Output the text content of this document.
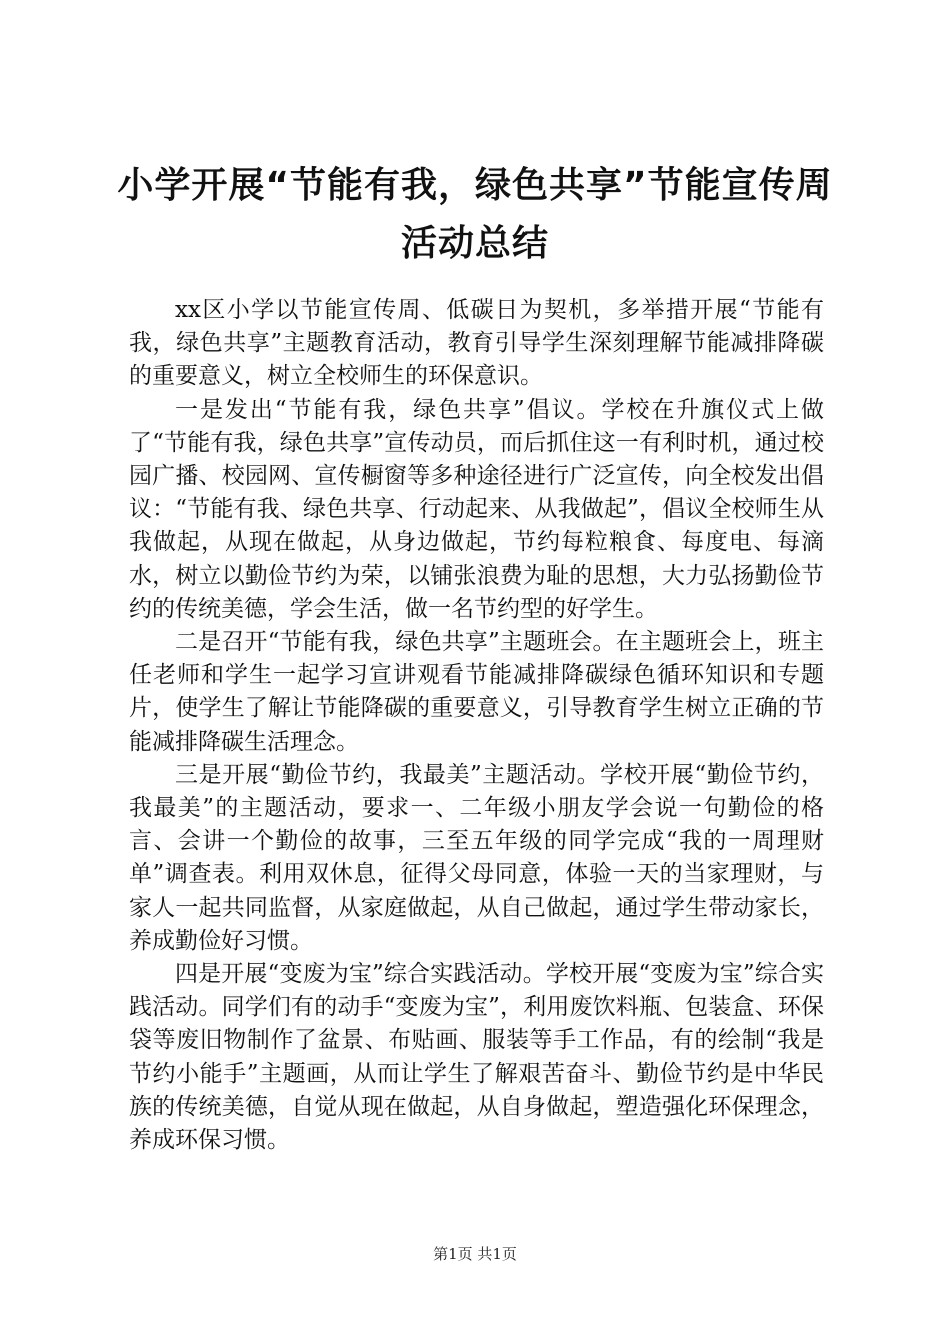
小学开展“节能有我，绿色共享”节能宣传周
活动总结

xx区小学以节能宣传周、低碳日为契机，多举措开展“节能有我，绿色共享”主题教育活动，教育引导学生深刻理解节能减排降碳的重要意义，树立全校师生的环保意识。

一是发出“节能有我，绿色共享”倡议。学校在升旗仪式上做了“节能有我，绿色共享”宣传动员，而后抓住这一有利时机，通过校园广播、校园网、宣传橱窗等多种途径进行广泛宣传，向全校发出倡议：“节能有我、绿色共享、行动起来、从我做起”，倡议全校师生从我做起，从现在做起，从身边做起，节约每粒粮食、每度电、每滴水，树立以勤俭节约为荣，以铺张浪费为耻的思想，大力弘扬勤俭节约的传统美德，学会生活，做一名节约型的好学生。

二是召开“节能有我，绿色共享”主题班会。在主题班会上，班主任老师和学生一起学习宣讲观看节能减排降碳绿色循环知识和专题片，使学生了解让节能降碳的重要意义，引导教育学生树立正确的节能减排降碳生活理念。

三是开展“勤俭节约，我最美”主题活动。学校开展“勤俭节约，我最美”的主题活动，要求一、二年级小朋友学会说一句勤俭的格言、会讲一个勤俭的故事，三至五年级的同学完成“我的一周理财单”调查表。利用双休息，征得父母同意，体验一天的当家理财，与家人一起共同监督，从家庭做起，从自己做起，通过学生带动家长，养成勤俭好习惯。

四是开展“变废为宝”综合实践活动。学校开展“变废为宝”综合实践活动。同学们有的动手“变废为宝”，利用废饮料瓶、包装盒、环保袋等废旧物制作了盆景、布贴画、服装等手工作品，有的绘制“我是节约小能手”主题画，从而让学生了解艰苦奋斗、勤俭节约是中华民族的传统美德，自觉从现在做起，从自身做起，塑造强化环保理念，养成环保习惯。

第1页 共1页
